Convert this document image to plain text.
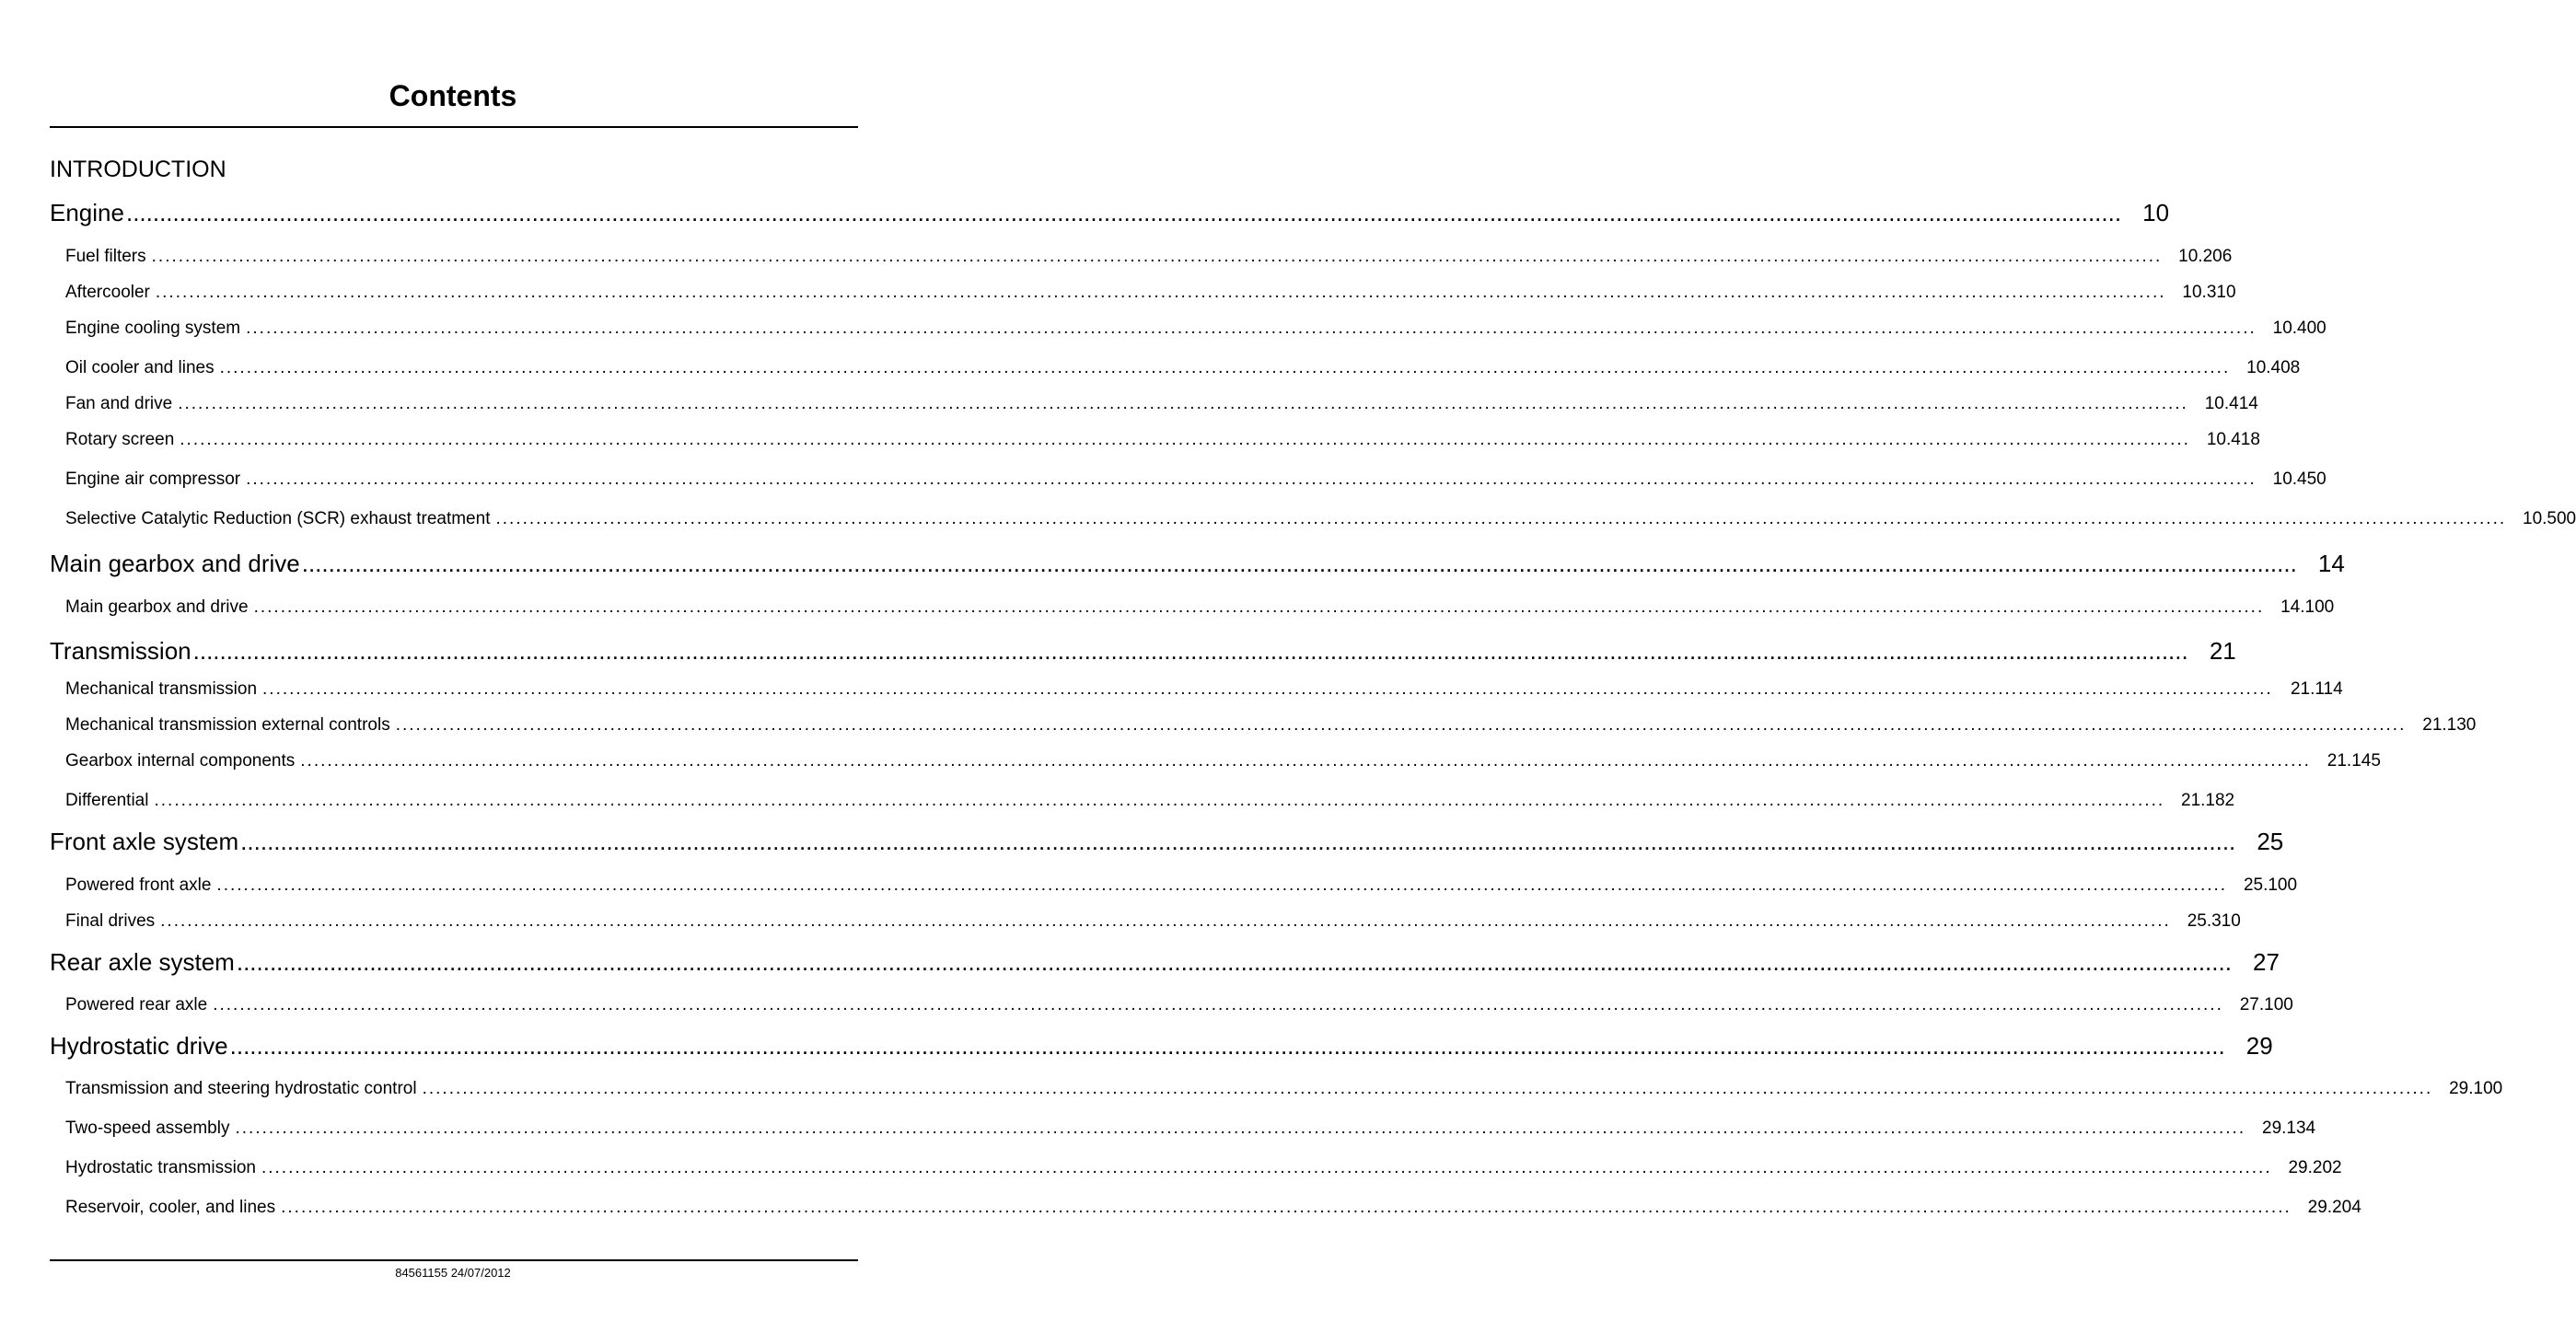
Contents
INTRODUCTION
Engine ............................................................................................................................................................................................................................................................................................................ 10
Fuel filters ............................................................................................................................................................................................................................................................................................................ 10.206
Aftercooler ............................................................................................................................................................................................................................................................................................................ 10.310
Engine cooling system ............................................................................................................................................................................................................................................................................................................ 10.400
Oil cooler and lines ............................................................................................................................................................................................................................................................................................................ 10.408
Fan and drive ............................................................................................................................................................................................................................................................................................................ 10.414
Rotary screen ............................................................................................................................................................................................................................................................................................................ 10.418
Engine air compressor ............................................................................................................................................................................................................................................................................................................ 10.450
Selective Catalytic Reduction (SCR) exhaust treatment ............................................................................................................................................................................................................................................................................................................ 10.500
Main gearbox and drive ............................................................................................................................................................................................................................................................................................................ 14
Main gearbox and drive ............................................................................................................................................................................................................................................................................................................ 14.100
Transmission ............................................................................................................................................................................................................................................................................................................ 21
Mechanical transmission ............................................................................................................................................................................................................................................................................................................	21.114
Mechanical transmission external controls ............................................................................................................................................................................................................................................................................................................ 21.130
Gearbox internal components ............................................................................................................................................................................................................................................................................................................ 21.145
Differential ............................................................................................................................................................................................................................................................................................................ 21.182
Front axle system ............................................................................................................................................................................................................................................................................................................ 25
Powered front axle ............................................................................................................................................................................................................................................................................................................ 25.100
Final drives ............................................................................................................................................................................................................................................................................................................ 25.310
Rear axle system ............................................................................................................................................................................................................................................................................................................ 27
Powered rear axle ............................................................................................................................................................................................................................................................................................................ 27.100
Hydrostatic drive ............................................................................................................................................................................................................................................................................................................ 29
Transmission and steering hydrostatic control ............................................................................................................................................................................................................................................................................................................ 29.100
Two-speed assembly ............................................................................................................................................................................................................................................................................................................ 29.134
Hydrostatic transmission ............................................................................................................................................................................................................................................................................................................ 29.202
Reservoir, cooler, and lines ............................................................................................................................................................................................................................................................................................................ 29.204
84561155 24/07/2012
